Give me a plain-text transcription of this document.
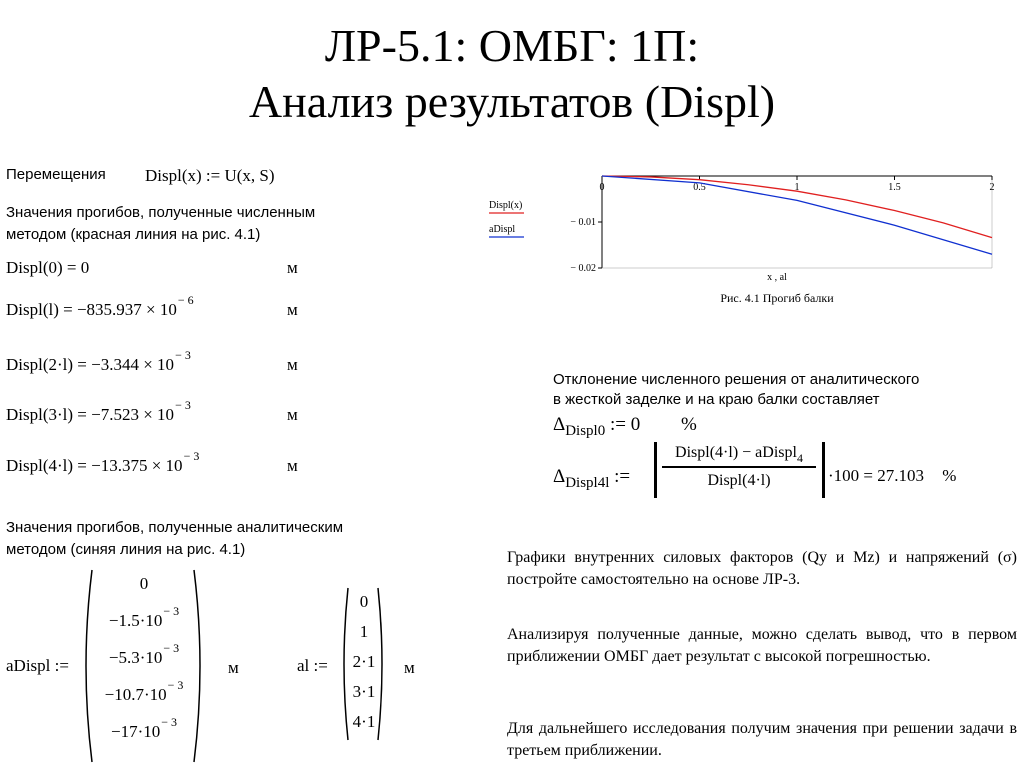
ЛР-5.1: ОМБГ: 1П:
Анализ результатов (Displ)
Перемещения Displ(x) := U(x, S)
Значения прогибов, полученные численным
методом (красная линия на рис. 4.1)
Displ(0) = 0	м
Displ(l) = $-835.937 \times 10^{- 6}$	м
Displ(2·l) = $-3.344 \times 10^{- 3}$	м
Displ(3·l) = $-7.523 \times 10^{- 3}$	м
Displ(4·l) = $-13.375 \times 10^{- 3}$	м
Значения прогибов, полученные аналитическим
методом (синяя линия на рис. 4.1)
aDispl :=
0
$-1.5\cdot 10^{- 3}$
$-5.3\cdot 10^{- 3}$
$-10.7\cdot 10^{- 3}$
$-17\cdot 10^{- 3}$
м	al :=
0
1
2·1
3·1
4·1
м
Displ(x)
aDispl
0	0.5	1	1.5	2
− 0.01
− 0.02
x , al
Рис. 4.1 Прогиб балки
Отклонение численного решения от аналитического
в жесткой заделке и на краю балки составляет
$\Delta_{Displ0}$ := 0 %
$\Delta_{Displ4l}$ :=
Displ(4·l) − aDispl$_4$
Displ(4·l)	·100 = 27.103 %
Графики внутренних силовых факторов (Qy и Mz) и напряжений (σ) постройте самостоятельно на основе ЛР-3.
Анализируя полученные данные, можно сделать вывод, что в первом приближении ОМБГ дает результат с высокой погрешностью.
Для дальнейшего исследования получим значения при решении задачи в третьем приближении.
